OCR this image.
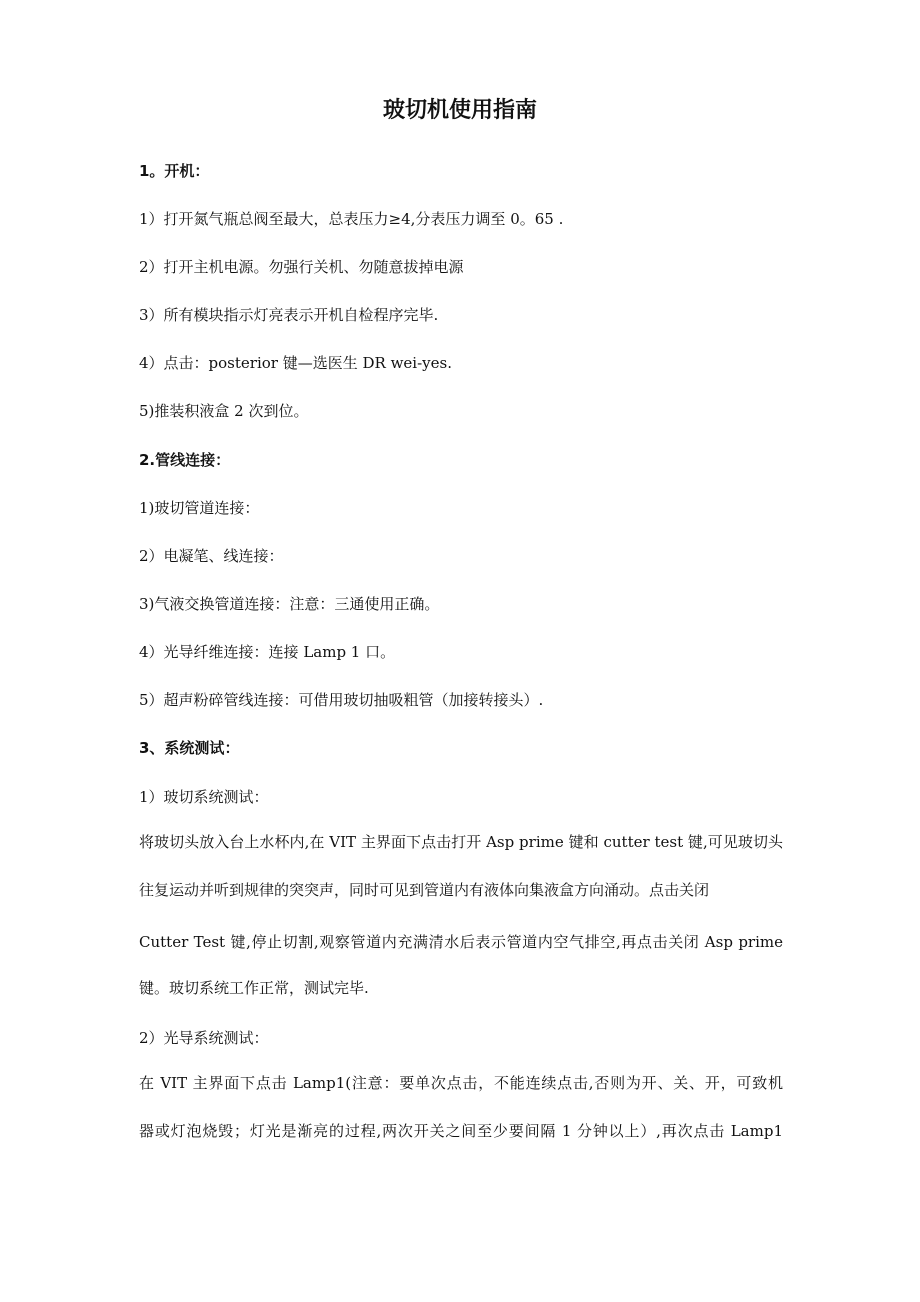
玻切机使用指南
1。开机：
1）打开氮气瓶总阀至最大，总表压力≥4,分表压力调至 0。65 .
2）打开主机电源。勿强行关机、勿随意拔掉电源
3）所有模块指示灯亮表示开机自检程序完毕.
4）点击：posterior 键—选医生 DR wei-yes.
5)推装积液盒 2 次到位。
2.管线连接：
1)玻切管道连接：
2）电凝笔、线连接：
3)气液交换管道连接：注意：三通使用正确。
4）光导纤维连接：连接 Lamp 1 口。
5）超声粉碎管线连接：可借用玻切抽吸粗管（加接转接头）.
3、系统测试：
1）玻切系统测试：
将玻切头放入台上水杯内,在 VIT 主界面下点击打开 Asp prime 键和 cutter test 键,可见玻切头
往复运动并听到规律的突突声，同时可见到管道内有液体向集液盒方向涌动。点击关闭
Cutter Test 键,停止切割,观察管道内充满清水后表示管道内空气排空,再点击关闭 Asp prime
键。玻切系统工作正常，测试完毕.
2）光导系统测试：
在 VIT 主界面下点击 Lamp1(注意：要单次点击，不能连续点击,否则为开、关、开，可致机
器或灯泡烧毁；灯光是渐亮的过程,两次开关之间至少要间隔 1 分钟以上）,再次点击 Lamp1
